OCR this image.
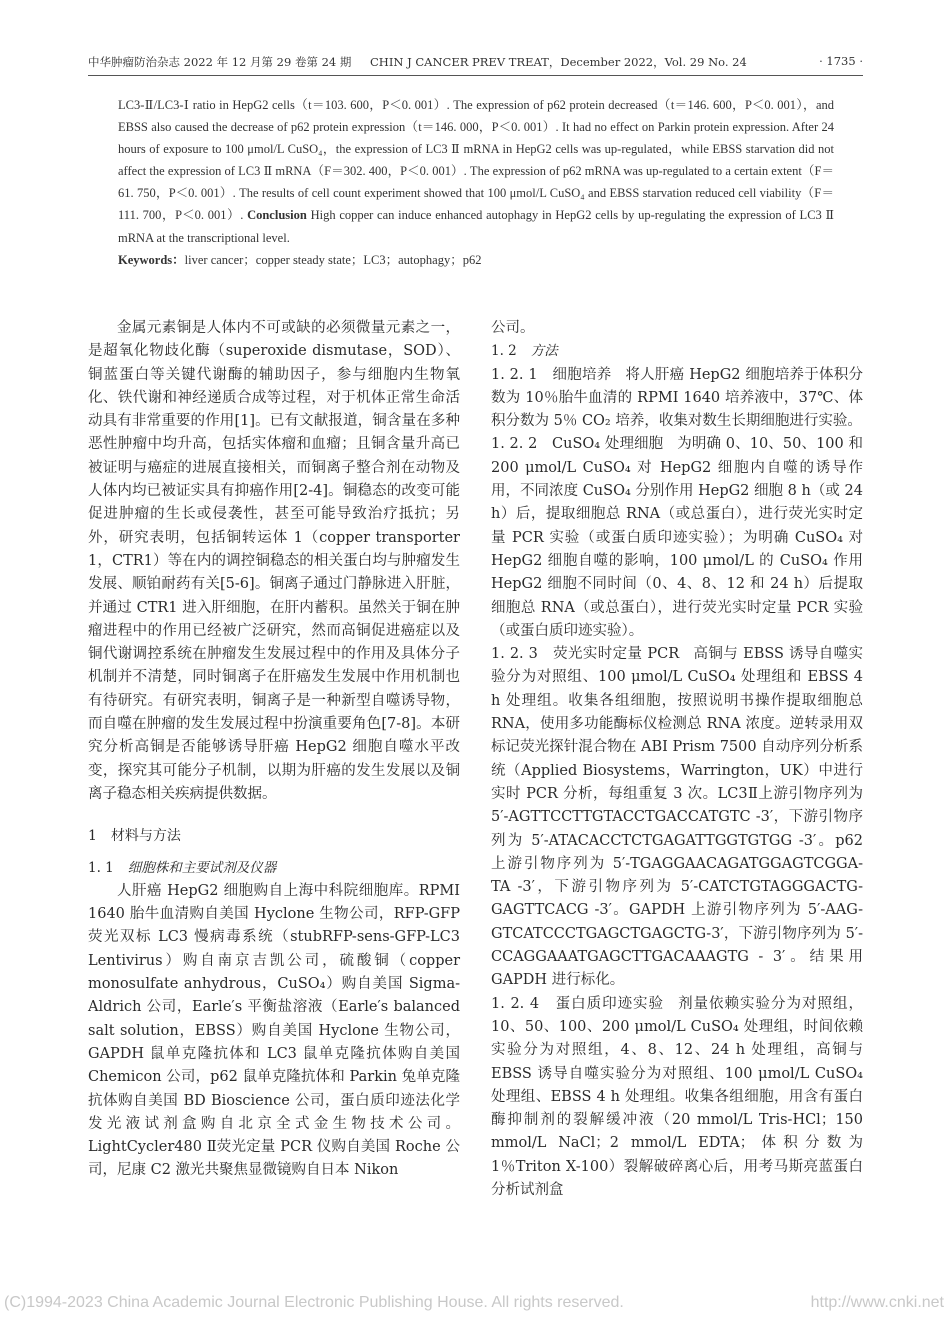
中华肿瘤防治杂志 2022 年 12 月第 29 卷第 24 期 CHIN J CANCER PREV TREAT，December 2022，Vol. 29 No. 24	· 1735 ·
LC3-Ⅱ/LC3-Ⅰ ratio in HepG2 cells（t＝103. 600，P＜0. 001）. The expression of p62 protein decreased（t＝146. 600，P＜0. 001），and EBSS also caused the decrease of p62 protein expression（t＝146. 000，P＜0. 001）. It had no effect on Parkin protein expression. After 24 hours of exposure to 100 μmol/L CuSO₄，the expression of LC3 Ⅱ mRNA in HepG2 cells was up-regulated，while EBSS starvation did not affect the expression of LC3 Ⅱ mRNA（F＝302. 400，P＜0. 001）. The expression of p62 mRNA was up-regulated to a certain extent（F＝61. 750，P＜0. 001）. The results of cell count experiment showed that 100 μmol/L CuSO₄ and EBSS starvation reduced cell viability（F＝111. 700，P＜0. 001）. Conclusion High copper can induce enhanced autophagy in HepG2 cells by up-regulating the expression of LC3 Ⅱ mRNA at the transcriptional level.
Keywords：liver cancer；copper steady state；LC3；autophagy；p62

金属元素铜是人体内不可或缺的必须微量元素之一，是超氧化物歧化酶（superoxide dismutase，SOD）、铜蓝蛋白等关键代谢酶的辅助因子，参与细胞内生物氧化、铁代谢和神经递质合成等过程，对于机体正常生命活动具有非常重要的作用[1]。已有文献报道，铜含量在多种恶性肿瘤中均升高，包括实体瘤和血瘤；且铜含量升高已被证明与癌症的进展直接相关，而铜离子整合剂在动物及人体内均已被证实具有抑癌作用[2-4]。铜稳态的改变可能促进肿瘤的生长或侵袭性，甚至可能导致治疗抵抗；另外，研究表明，包括铜转运体 1（copper transporter 1，CTR1）等在内的调控铜稳态的相关蛋白均与肿瘤发生发展、顺铂耐药有关[5-6]。铜离子通过门静脉进入肝脏，并通过 CTR1 进入肝细胞，在肝内蓄积。虽然关于铜在肿瘤进程中的作用已经被广泛研究，然而高铜促进癌症以及铜代谢调控系统在肿瘤发生发展过程中的作用及具体分子机制并不清楚，同时铜离子在肝癌发生发展中作用机制也有待研究。有研究表明，铜离子是一种新型自噬诱导物，而自噬在肿瘤的发生发展过程中扮演重要角色[7-8]。本研究分析高铜是否能够诱导肝癌 HepG2 细胞自噬水平改变，探究其可能分子机制，以期为肝癌的发生发展以及铜离子稳态相关疾病提供数据。

1　材料与方法

1. 1 细胞株和主要试剂及仪器

人肝癌 HepG2 细胞购自上海中科院细胞库。RPMI 1640 胎牛血清购自美国 Hyclone 生物公司，RFP-GFP 荧光双标 LC3 慢病毒系统（stubRFP-sens-GFP-LC3 Lentivirus）购自南京吉凯公司，硫酸铜（copper monosulfate anhydrous，CuSO₄）购自美国 Sigma-Aldrich 公司，Earle′s 平衡盐溶液（Earle′s balanced salt solution，EBSS）购自美国 Hyclone 生物公司，GAPDH 鼠单克隆抗体和 LC3 鼠单克隆抗体购自美国 Chemicon 公司，p62 鼠单克隆抗体和 Parkin 兔单克隆抗体购自美国 BD Bioscience 公司，蛋白质印迹法化学发光液试剂盒购自北京全式金生物技术公司。LightCycler480 Ⅱ荧光定量 PCR 仪购自美国 Roche 公司，尼康 C2 激光共聚焦显微镜购自日本 Nikon

公司。

1. 2 方法

1. 2. 1　细胞培养 将人肝癌 HepG2 细胞培养于体积分数为 10％胎牛血清的 RPMI 1640 培养液中，37℃、体积分数为 5％ CO₂ 培养，收集对数生长期细胞进行实验。

1. 2. 2　CuSO₄ 处理细胞 为明确 0、10、50、100 和 200 μmol/L CuSO₄ 对 HepG2 细胞内自噬的诱导作用，不同浓度 CuSO₄ 分别作用 HepG2 细胞 8 h（或 24 h）后，提取细胞总 RNA（或总蛋白），进行荧光实时定量 PCR 实验（或蛋白质印迹实验）；为明确 CuSO₄ 对 HepG2 细胞自噬的影响，100 μmol/L 的 CuSO₄ 作用 HepG2 细胞不同时间（0、4、8、12 和 24 h）后提取细胞总 RNA（或总蛋白），进行荧光实时定量 PCR 实验（或蛋白质印迹实验）。

1. 2. 3　荧光实时定量 PCR 高铜与 EBSS 诱导自噬实验分为对照组、100 μmol/L CuSO₄ 处理组和 EBSS 4 h 处理组。收集各组细胞，按照说明书操作提取细胞总 RNA，使用多功能酶标仪检测总 RNA 浓度。逆转录用双标记荧光探针混合物在 ABI Prism 7500 自动序列分析系统（Applied Biosystems，Warrington，UK）中进行实时 PCR 分析，每组重复 3 次。LC3Ⅱ上游引物序列为 5′-AGTTCCTTGTACCTGACCATGTC -3′，下游引物序列为 5′-ATACACCTCTGAGATTGGTGTGG -3′。p62 上游引物序列为 5′-TGAGGAACAGATGGAGTCGGA-TA -3′，下游引物序列为 5′-CATCTGTAGGGACTG-GAGTTCACG -3′。GAPDH 上游引物序列为 5′-AAG-GTCATCCCTGAGCTGAGCTG-3′，下游引物序列为 5′-CCAGGAAATGAGCTTGACAAAGTG - 3′。结果用 GAPDH 进行标化。

1. 2. 4　蛋白质印迹实验 剂量依赖实验分为对照组，10、50、100、200 μmol/L CuSO₄ 处理组，时间依赖实验分为对照组，4、8、12、24 h 处理组，高铜与 EBSS 诱导自噬实验分为对照组、100 μmol/L CuSO₄ 处理组、EBSS 4 h 处理组。收集各组细胞，用含有蛋白酶抑制剂的裂解缓冲液（20 mmol/L Tris-HCl；150 mmol/L NaCl；2 mmol/L EDTA；体积分数为 1％Triton X-100）裂解破碎离心后，用考马斯亮蓝蛋白分析试剂盒

(C)1994-2023 China Academic Journal Electronic Publishing House. All rights reserved.	http://www.cnki.net
